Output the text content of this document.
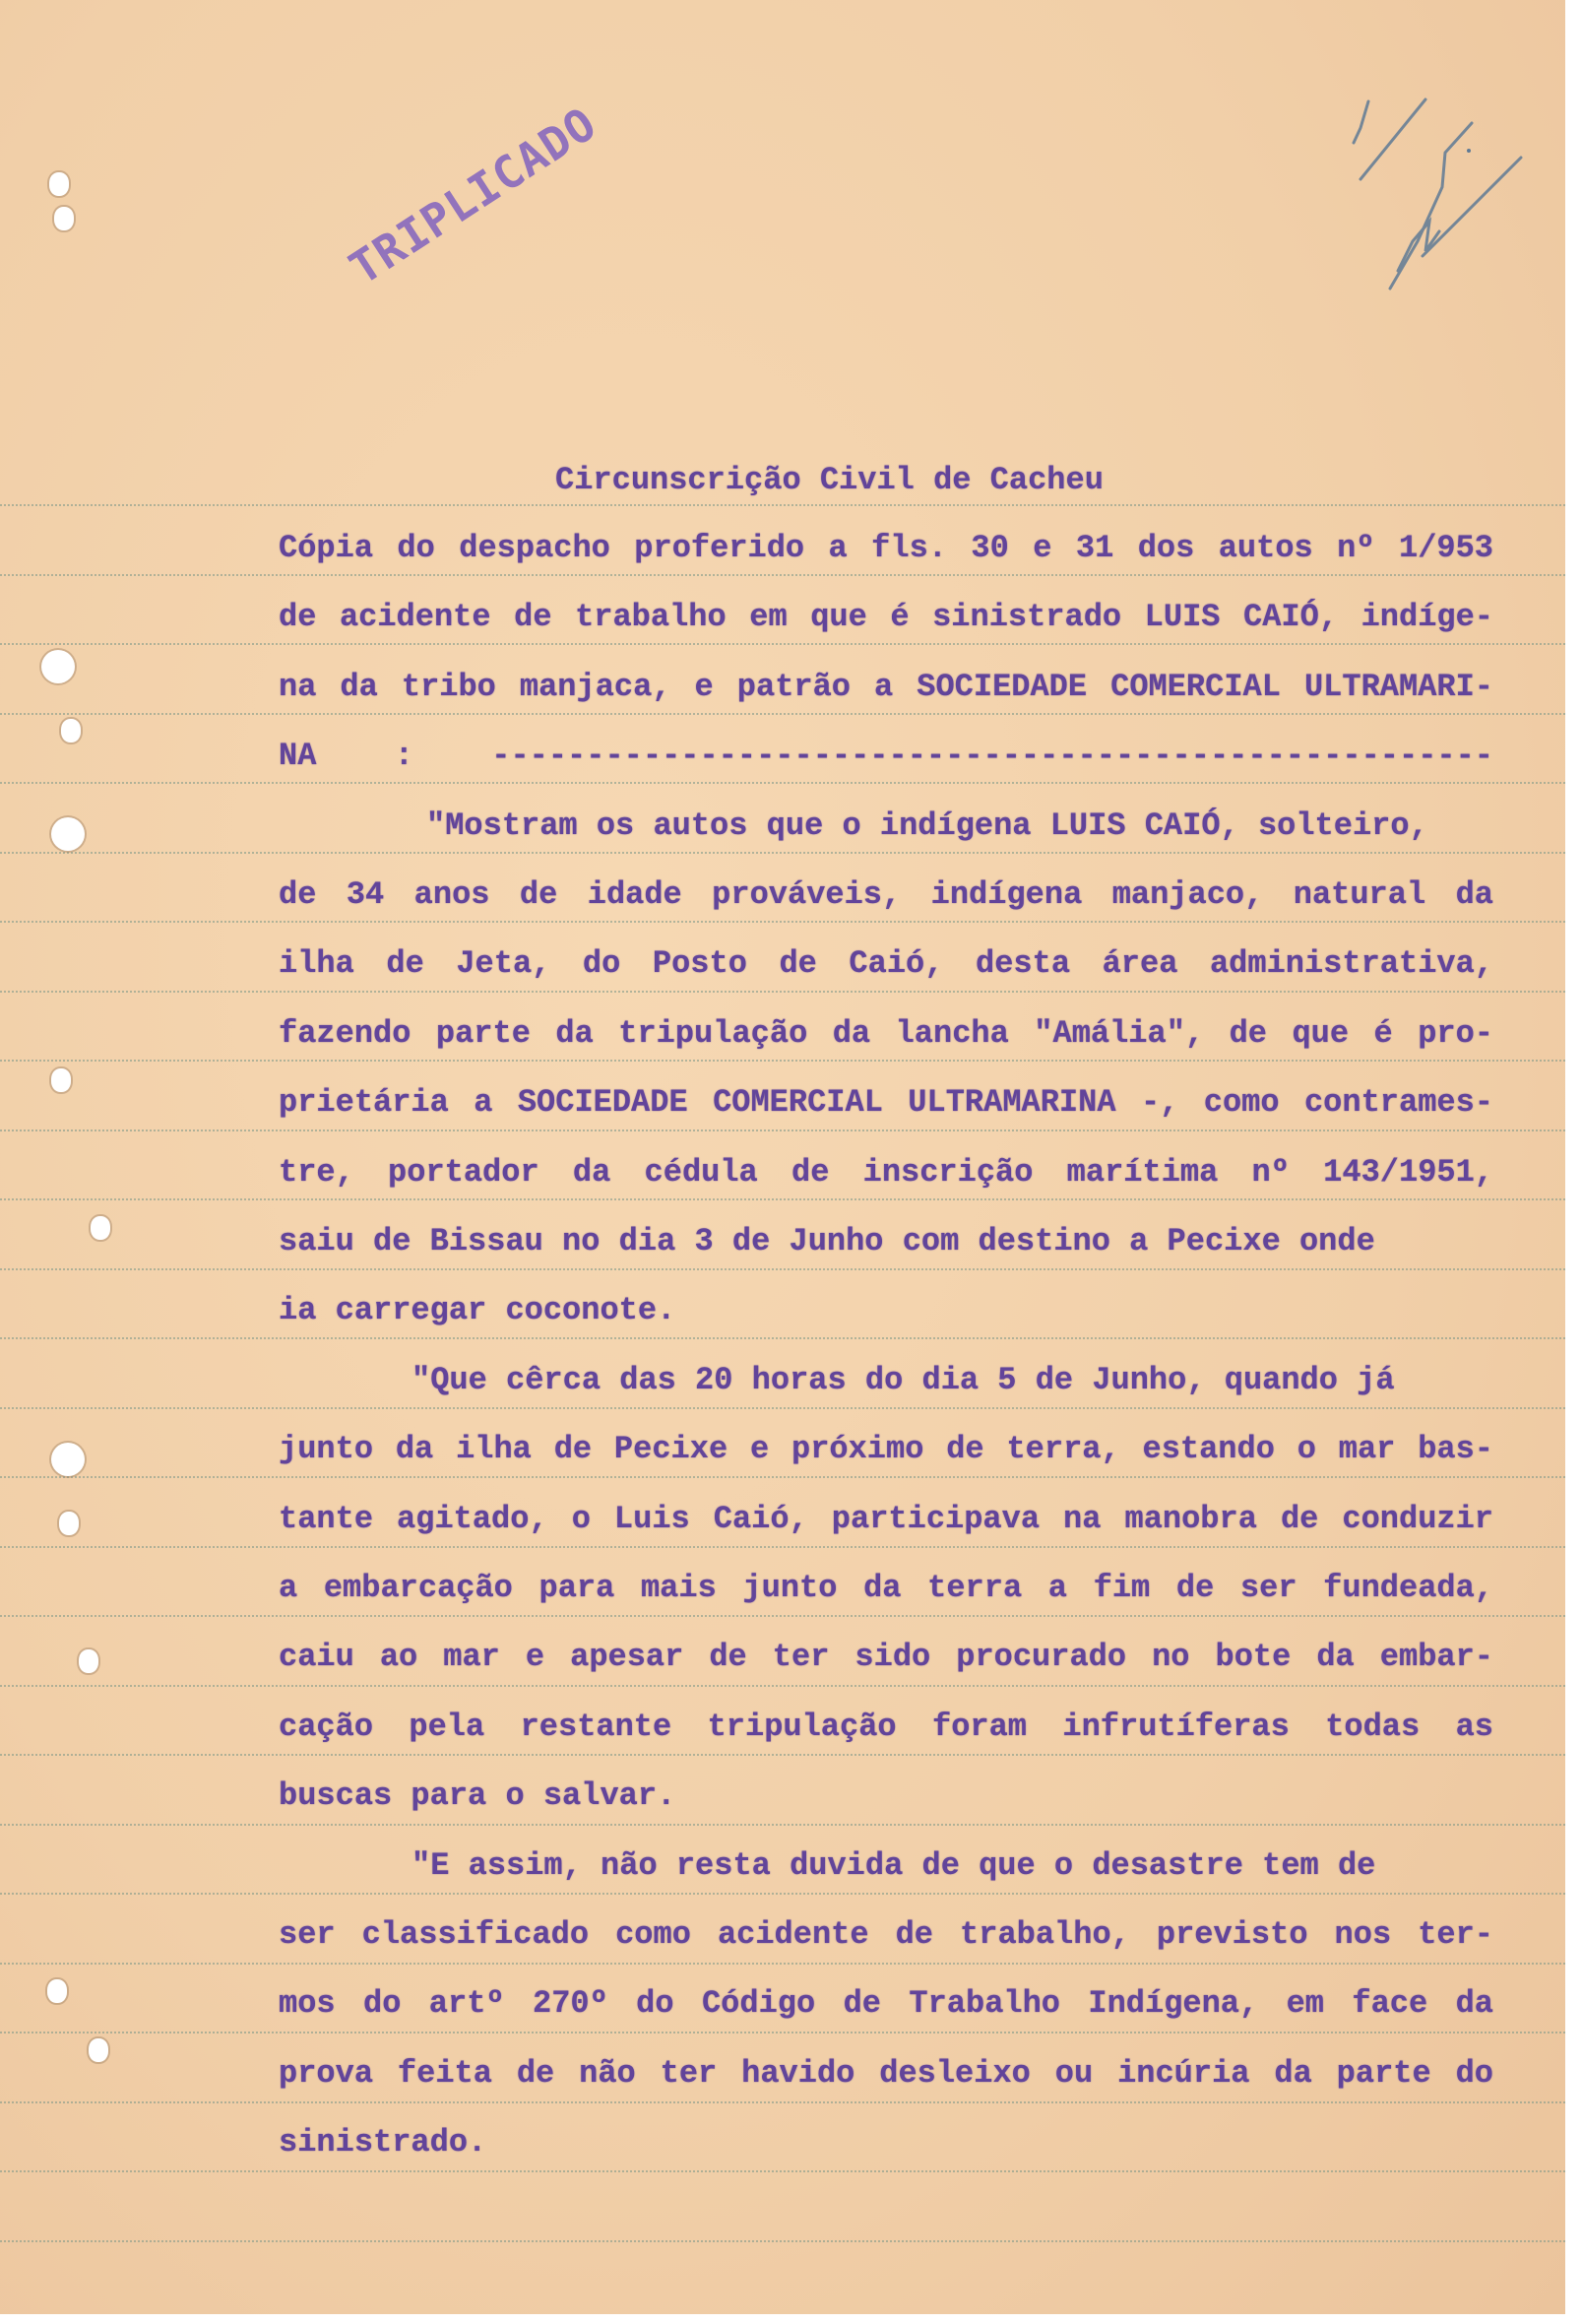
TRIPLICADO
Circunscrição Civil de Cacheu
Cópia do despacho proferido a fls. 30 e 31 dos autos nº 1/953
de acidente de trabalho em que é sinistrado LUIS CAIÓ, indíge-
na da tribo manjaca, e patrão a SOCIEDADE COMERCIAL ULTRAMARI-
NA : -----------------------------------------------------
"Mostram os autos que o indígena LUIS CAIÓ, solteiro,
de 34 anos de idade prováveis, indígena manjaco, natural da
ilha de Jeta, do Posto de Caió, desta área administrativa,
fazendo parte da tripulação da lancha "Amália", de que é pro-
prietária a SOCIEDADE COMERCIAL ULTRAMARINA -, como contrames-
tre, portador da cédula de inscrição marítima nº 143/1951,
saiu de Bissau no dia 3 de Junho com destino a Pecixe onde
ia carregar coconote.
"Que cêrca das 20 horas do dia 5 de Junho, quando já
junto da ilha de Pecixe e próximo de terra, estando o mar bas-
tante agitado, o Luis Caió, participava na manobra de conduzir
a embarcação para mais junto da terra a fim de ser fundeada,
caiu ao mar e apesar de ter sido procurado no bote da embar-
cação pela restante tripulação foram infrutíferas todas as
buscas para o salvar.
"E assim, não resta duvida de que o desastre tem de
ser classificado como acidente de trabalho, previsto nos ter-
mos do artº 270º do Código de Trabalho Indígena, em face da
prova feita de não ter havido desleixo ou incúria da parte do
sinistrado.
